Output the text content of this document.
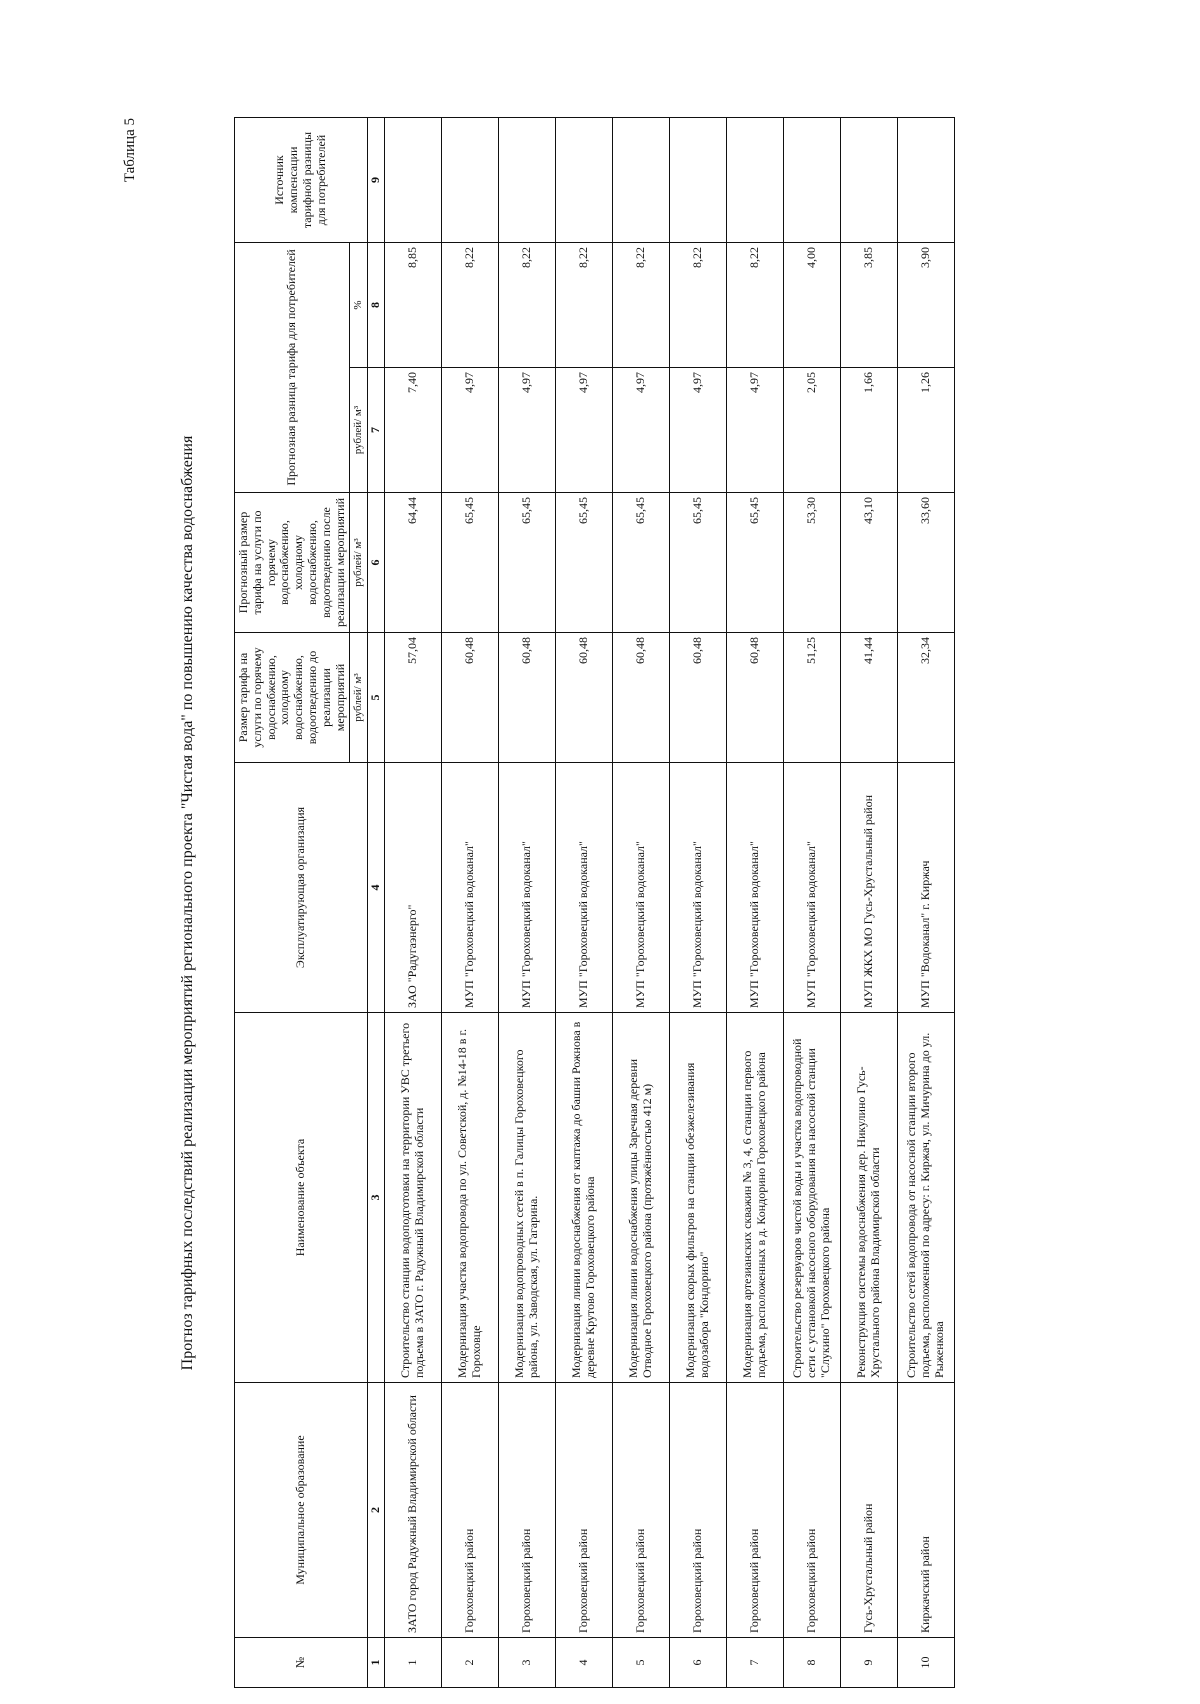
Таблица 5
Прогноз тарифных последствий реализации мероприятий регионального проекта "Чистая вода" по повышению качества водоснабжения
№	Муниципальное образование	Наименование объекта	Эксплуатирующая организация	Размер тарифа на услуги по горячему водоснабжению, холодному водоснабжению, водоотведению до реализации мероприятий	Прогнозный размер тарифа на услуги по горячему водоснабжению, холодному водоснабжению, водоотведению после реализации мероприятий	Прогнозная разница тарифа для потребителей		Источник компенсации тарифной разницы для потребителей
				рублей/ м³	рублей/ м³	рублей/ м³	%	
1	2	3	4	5	6	7	8	9
1	ЗАТО город Радужный Владимирской области	Строительство станции водоподготовки на территории УВС третьего подъема в ЗАТО г. Радужный Владимирской области	ЗАО "Радугаэнерго"	57,04	64,44	7,40	8,85	
2	Гороховецкий район	Модернизация участка водопровода по ул. Советской, д. №14-18 в г. Гороховце	МУП "Гороховецкий водоканал"	60,48	65,45	4,97	8,22	
3	Гороховецкий район	Модернизация водопроводных сетей в п. Галицы Гороховецкого района, ул. Заводская, ул. Гагарина.	МУП "Гороховецкий водоканал"	60,48	65,45	4,97	8,22	
4	Гороховецкий район	Модернизация линии водоснабжения от каптажа до башни Рожнова в деревне Крутово Гороховецкого района	МУП "Гороховецкий водоканал"	60,48	65,45	4,97	8,22	
5	Гороховецкий район	Модернизация линии водоснабжения улицы Заречная деревни Отводное Гороховецкого района (протяжённостью 412 м)	МУП "Гороховецкий водоканал"	60,48	65,45	4,97	8,22	
6	Гороховецкий район	Модернизация скорых фильтров на станции обезжелезивания водозабора "Кондорино"	МУП "Гороховецкий водоканал"	60,48	65,45	4,97	8,22	
7	Гороховецкий район	Модернизация артезианских скважин № 3, 4, 6 станции первого подъема, расположенных в д. Кондорино Гороховецкого района	МУП "Гороховецкий водоканал"	60,48	65,45	4,97	8,22	
8	Гороховецкий район	Строительство резервуаров чистой воды и участка водопроводной сети с установкой насосного оборудования на насосной станции "Слукино" Гороховецкого района	МУП "Гороховецкий водоканал"	51,25	53,30	2,05	4,00	
9	Гусь-Хрустальный район	Реконструкция системы водоснабжения дер. Никулино Гусь-Хрустального района Владимирской области	МУП ЖКХ МО Гусь-Хрустальный район	41,44	43,10	1,66	3,85	
10	Киржачский район	Строительство сетей водопровода от насосной станции второго подъема, расположенной по адресу: г. Киржач, ул. Мичурина до ул. Рыженкова	МУП "Водоканал" г. Киржач	32,34	33,60	1,26	3,90	
